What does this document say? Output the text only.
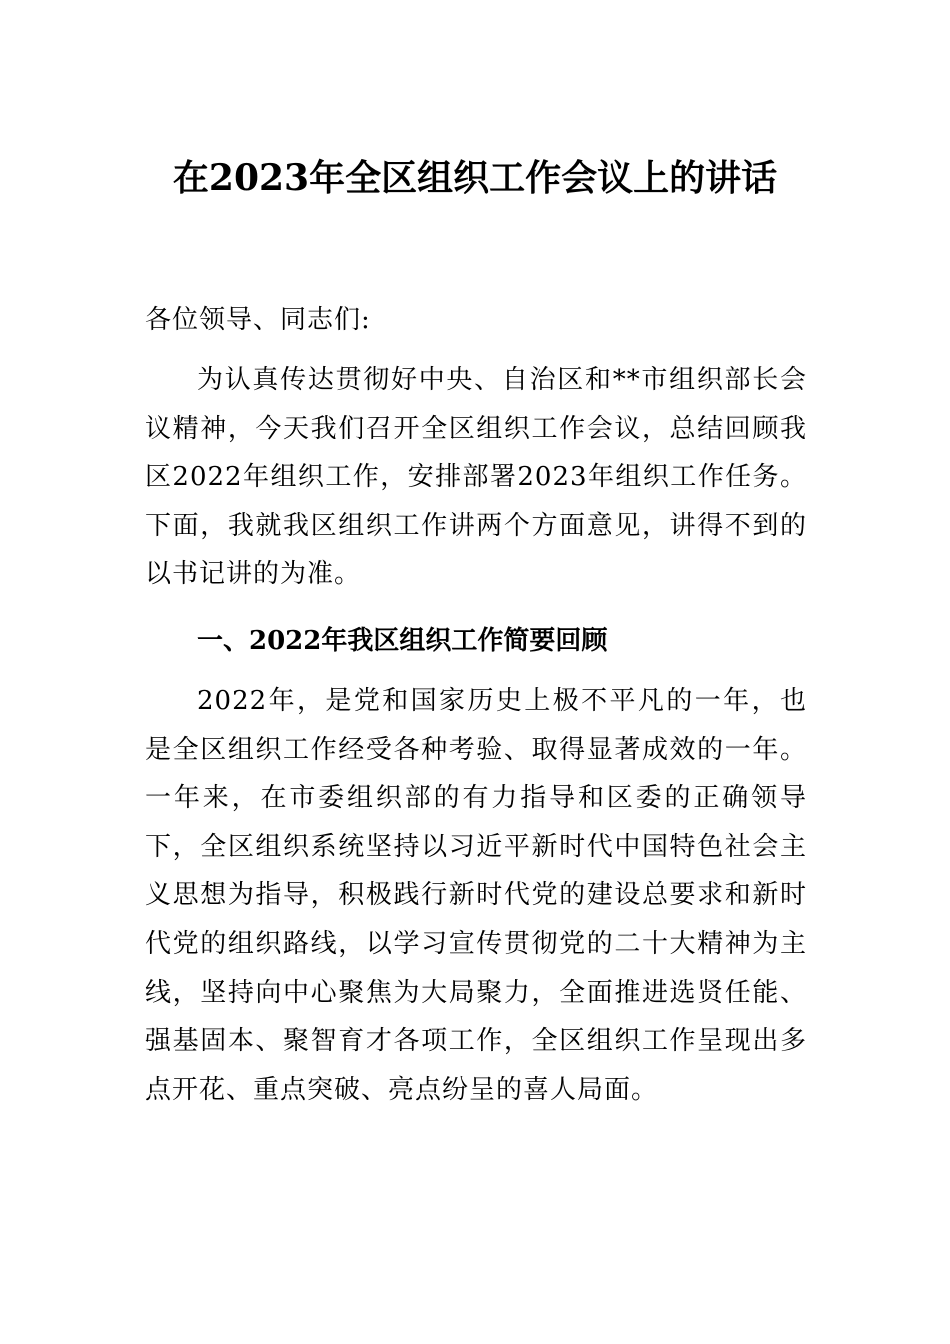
在2023年全区组织工作会议上的讲话

各位领导、同志们:

为认真传达贯彻好中央、自治区和**市组织部长会议精神，今天我们召开全区组织工作会议，总结回顾我区2022年组织工作，安排部署2023年组织工作任务。下面，我就我区组织工作讲两个方面意见，讲得不到的以书记讲的为准。

一、2022年我区组织工作简要回顾

2022年，是党和国家历史上极不平凡的一年，也是全区组织工作经受各种考验、取得显著成效的一年。 一年来，在市委组织部的有力指导和区委的正确领导下，全区组织系统坚持以习近平新时代中国特色社会主义思想为指导，积极践行新时代党的建设总要求和新时代党的组织路线，以学习宣传贯彻党的二十大精神为主线，坚持向中心聚焦为大局聚力，全面推进选贤任能、强基固本、聚智育才各项工作，全区组织工作呈现出多点开花、重点突破、亮点纷呈的喜人局面。
